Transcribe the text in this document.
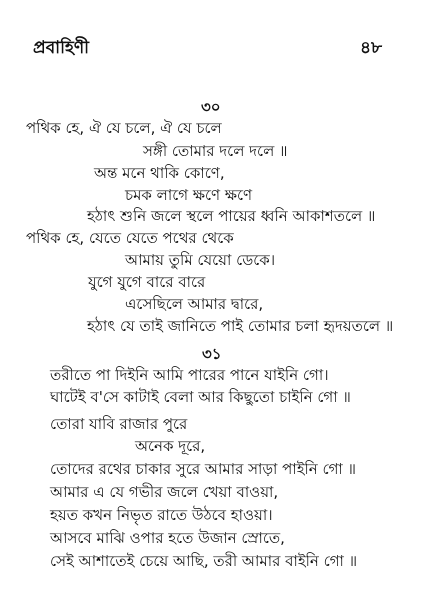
প্রবাহিণী	৪৮
৩০
পথিক হে, ঐ যে চলে, ঐ যে চলে
সঙ্গী তোমার দলে দলে ॥
অন্ত মনে থাকি কোণে,
চমক লাগে ক্ষণে ক্ষণে
হঠাৎ শুনি জলে স্থলে পায়ের ধ্বনি আকাশতলে ॥
পথিক হে, যেতে যেতে পথের থেকে
আমায় তুমি যেয়ো ডেকে।
যুগে যুগে বারে বারে
এসেছিলে আমার দ্বারে,
হঠাৎ যে তাই জানিতে পাই তোমার চলা হৃদয়তলে ॥
৩১
তরীতে পা দিইনি আমি পারের পানে যাইনি গো।
ঘাটেই ব'সে কাটাই বেলা আর কিছুতো চাইনি গো ॥
তোরা যাবি রাজার পুরে
অনেক দূরে,
তোদের রথের চাকার সুরে আমার সাড়া পাইনি গো ॥
আমার এ যে গভীর জলে খেয়া বাওয়া,
হয়ত কখন নিভৃত রাতে উঠবে হাওয়া।
আসবে মাঝি ওপার হতে উজান স্রোতে,
সেই আশাতেই চেয়ে আছি, তরী আমার বাইনি গো ॥
